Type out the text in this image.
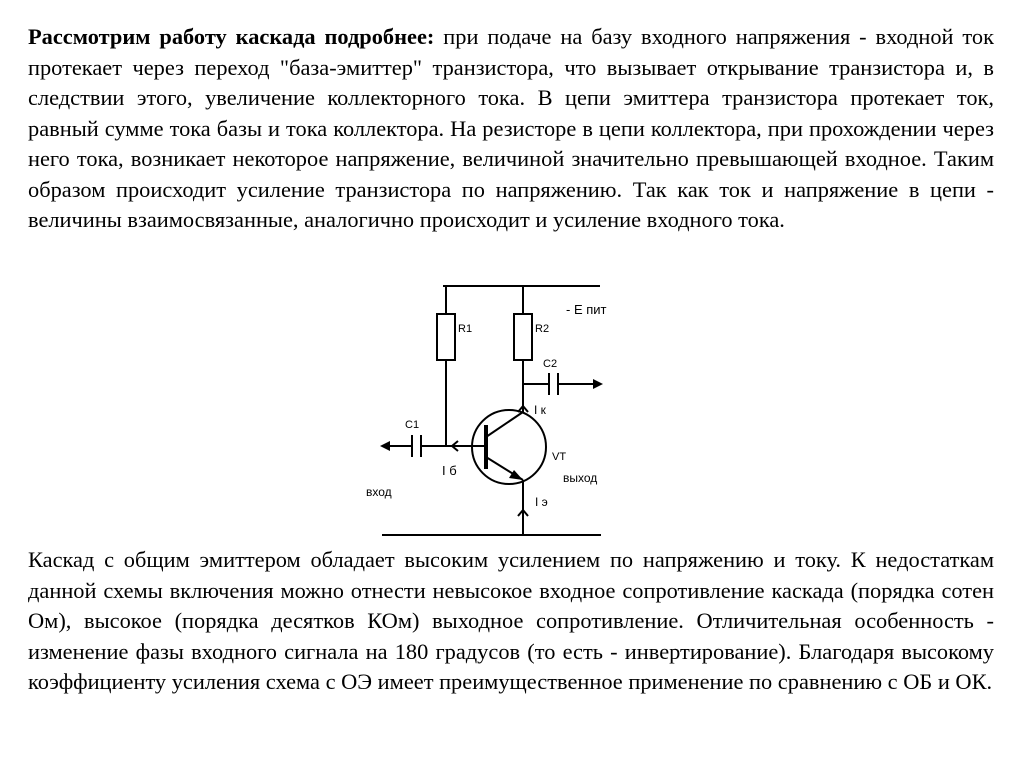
Рассмотрим работу каскада подробнее: при подаче на базу входного напряжения - входной ток протекает через переход "база-эмиттер" транзистора, что вызывает открывание транзистора и, в следствии этого, увеличение коллекторного тока. В цепи эмиттера транзистора протекает ток, равный сумме тока базы и тока коллектора. На резисторе в цепи коллектора, при прохождении через него тока, возникает некоторое напряжение, величиной значительно превышающей входное. Таким образом происходит усиление транзистора по напряжению. Так как ток и напряжение в цепи - величины взаимосвязанные, аналогично происходит и усиление входного тока.

- Е пит
R1	R2
C2
C1
I к
VT
I б	выход
вход
I э

Каскад с общим эмиттером обладает высоким усилением по напряжению и току. К недостаткам данной схемы включения можно отнести невысокое входное сопротивление каскада (порядка сотен Ом), высокое (порядка десятков КОм) выходное сопротивление. Отличительная особенность - изменение фазы входного сигнала на 180 градусов (то есть - инвертирование). Благодаря высокому коэффициенту усиления схема с ОЭ имеет преимущественное применение по сравнению с ОБ и ОК.
